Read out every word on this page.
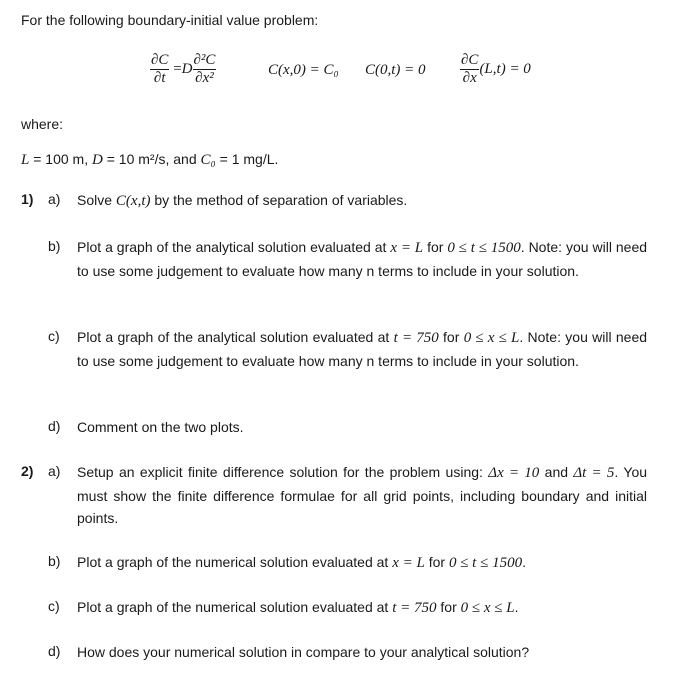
For the following boundary-initial value problem:
$\frac{\partial C}{\partial t} =D \frac{\text{∂²C}}{\text{∂x²}}$	C(x,0) = C₀ $C(0,t) = 0 \frac{\partial C}{\partial x} (L,t) = 0$
where:
L = 100 m, D = 10 m²/s, and C₀ = 1 mg/L.
1) a) Solve C(x,t) by the method of separation of variables.
b) Plot a graph of the analytical solution evaluated at x = L for 0 ≤ t ≤ 1500. Note: you will need to use some judgement to evaluate how many n terms to include in your solution.
c) Plot a graph of the analytical solution evaluated at t = 750 for 0 ≤ x ≤ L. Note: you will need to use some judgement to evaluate how many n terms to include in your solution.
d) Comment on the two plots.
2) a) Setup an explicit finite difference solution for the problem using: Δx = 10 and Δt = 5. You must show the finite difference formulae for all grid points, including boundary and initial points.
b) Plot a graph of the numerical solution evaluated at x = L for 0 ≤ t ≤ 1500.
c) Plot a graph of the numerical solution evaluated at t = 750 for 0 ≤ x ≤ L.
d) How does your numerical solution in compare to your analytical solution?
